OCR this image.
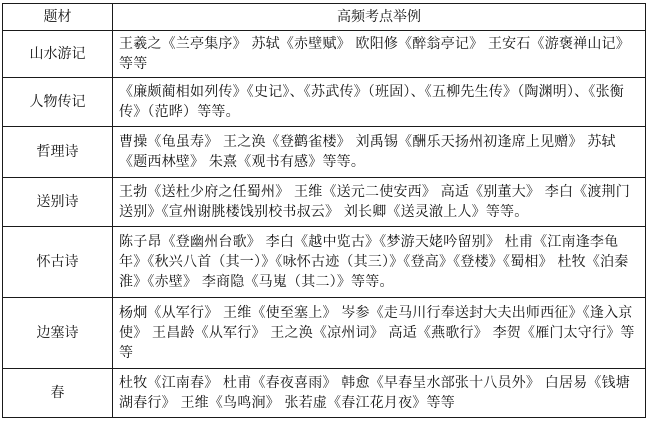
题材	高频考点举例
山水游记	王羲之《兰亭集序》 苏轼《赤壁赋》 欧阳修《醉翁亭记》 王安石《游褒禅山记》等等
人物传记	《廉颇蔺相如列传》《史记》、《苏武传》（班固）、《五柳先生传》（陶渊明）、《张衡传》（范晔）等等。
哲理诗	曹操《龟虽寿》 王之涣《登鹳雀楼》 刘禹锡《酬乐天扬州初逢席上见赠》 苏轼《题西林壁》 朱熹《观书有感》等等。
送别诗	王勃《送杜少府之任蜀州》 王维《送元二使安西》 高适《别董大》 李白《渡荆门送别》《宣州谢朓楼饯别校书叔云》 刘长卿《送灵澈上人》等等。
怀古诗	陈子昂《登幽州台歌》 李白《越中览古》《梦游天姥吟留别》 杜甫《江南逢李龟年》《秋兴八首（其一）》《咏怀古迹（其三）》《登高》《登楼》《蜀相》 杜牧《泊秦淮》《赤壁》 李商隐《马嵬（其二）》等等。
边塞诗	杨炯《从军行》 王维《使至塞上》 岑参《走马川行奉送封大夫出师西征》《逢入京使》 王昌龄《从军行》 王之涣《凉州词》 高适《燕歌行》 李贺《雁门太守行》等等
春	杜牧《江南春》 杜甫《春夜喜雨》 韩愈《早春呈水部张十八员外》 白居易《钱塘湖春行》 王维《鸟鸣涧》 张若虚《春江花月夜》等等
